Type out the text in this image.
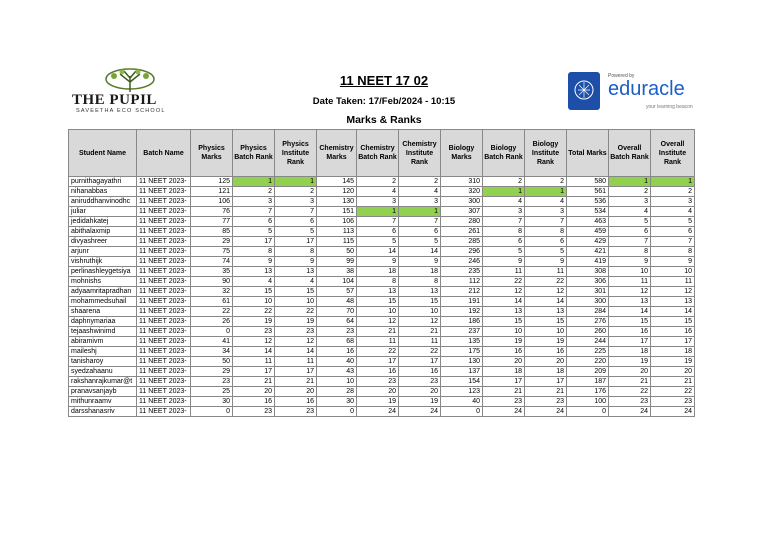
THE PUPIL
SAVEETHA ECO SCHOOL
11 NEET 17 02
Date Taken: 17/Feb/2024 - 10:15
Marks & Ranks
Powered by
eduracle
your learning beacon
Student Name	Batch Name	Physics Marks	Physics Batch Rank	Physics Institute Rank	Chemistry Marks	Chemistry Batch Rank	Chemistry Institute Rank	Biology Marks	Biology Batch Rank	Biology Institute Rank	Total Marks	Overall Batch Rank	Overall Institute Rank
purnithagayathri	11 NEET 2023-	125	1	1	145	2	2	310	2	2	580	1	1
nihanabbas	11 NEET 2023-	121	2	2	120	4	4	320	1	1	561	2	2
aniruddhanvinodhc	11 NEET 2023-	106	3	3	130	3	3	300	4	4	536	3	3
juliar	11 NEET 2023-	76	7	7	151	1	1	307	3	3	534	4	4
jedidahkatej	11 NEET 2023-	77	6	6	106	7	7	280	7	7	463	5	5
abithalaxmip	11 NEET 2023-	85	5	5	113	6	6	261	8	8	459	6	6
divyashreer	11 NEET 2023-	29	17	17	115	5	5	285	6	6	429	7	7
arjunr	11 NEET 2023-	75	8	8	50	14	14	296	5	5	421	8	8
vishruthijk	11 NEET 2023-	74	9	9	99	9	9	246	9	9	419	9	9
perlinashleygetsiya	11 NEET 2023-	35	13	13	38	18	18	235	11	11	308	10	10
mohnishs	11 NEET 2023-	90	4	4	104	8	8	112	22	22	306	11	11
adyaamritapradhan	11 NEET 2023-	32	15	15	57	13	13	212	12	12	301	12	12
mohammedsuhail	11 NEET 2023-	61	10	10	48	15	15	191	14	14	300	13	13
shaarena	11 NEET 2023-	22	22	22	70	10	10	192	13	13	284	14	14
daphnymariaa	11 NEET 2023-	26	19	19	64	12	12	186	15	15	276	15	15
tejaashwinimd	11 NEET 2023-	0	23	23	23	21	21	237	10	10	260	16	16
abiramivm	11 NEET 2023-	41	12	12	68	11	11	135	19	19	244	17	17
maileshj	11 NEET 2023-	34	14	14	16	22	22	175	16	16	225	18	18
tanisharoy	11 NEET 2023-	50	11	11	40	17	17	130	20	20	220	19	19
syedzahaanu	11 NEET 2023-	29	17	17	43	16	16	137	18	18	209	20	20
rakshanrajkumar@t	11 NEET 2023-	23	21	21	10	23	23	154	17	17	187	21	21
pranavsanjayb	11 NEET 2023-	25	20	20	28	20	20	123	21	21	176	22	22
mithunraamv	11 NEET 2023-	30	16	16	30	19	19	40	23	23	100	23	23
darsshanasriv	11 NEET 2023-	0	23	23	0	24	24	0	24	24	0	24	24
